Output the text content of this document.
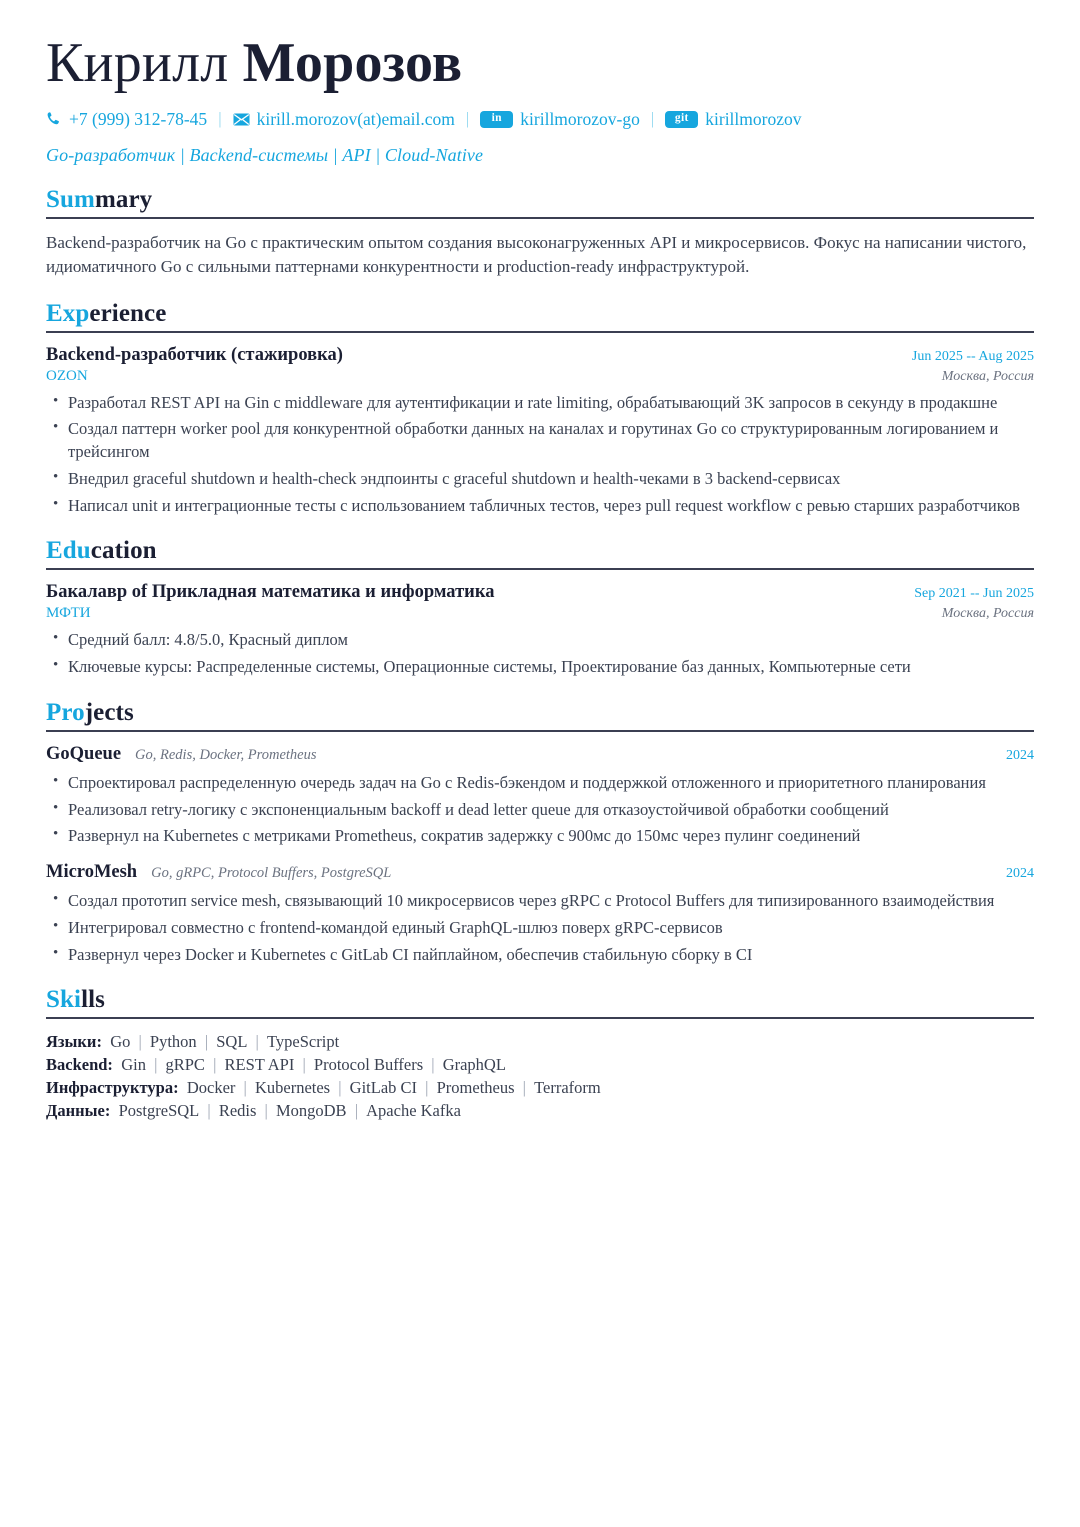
Кирилл Морозов
+7 (999) 312-78-45 |	kirill.morozov(at)email.com |	in	kirillmorozov-go |	git kirillmorozov
Go-разработчик | Backend-системы | API | Cloud-Native
Summary

Backend-разработчик на Go с практическим опытом создания высоконагруженных API и микросервисов. Фокус на написании чистого, идиоматичного Go с сильными паттернами конкурентности и production-ready инфраструктурой.

Experience
Backend-разработчик (стажировка)	Jun 2025 -- Aug 2025
OZON	Москва, Россия
• Разработал REST API на Gin с middleware для аутентификации и rate limiting, обрабатывающий 3K запросов в секунду в продакшне
• Создал паттерн worker pool для конкурентной обработки данных на каналах и горутинах Go со структурированным логированием и трейсингом
• Внедрил graceful shutdown и health-check эндпоинты с graceful shutdown и health-чеками в 3 backend-сервисах
• Написал unit и интеграционные тесты с использованием табличных тестов, через pull request workflow с ревью старших разработчиков
Education
Бакалавр of Прикладная математика и информатика	Sep 2021 -- Jun 2025
МФТИ	Москва, Россия
• Средний балл: 4.8/5.0, Красный диплом
• Ключевые курсы: Распределенные системы, Операционные системы, Проектирование баз данных, Компьютерные сети
Projects
GoQueue Go, Redis, Docker, Prometheus	2024
• Спроектировал распределенную очередь задач на Go с Redis-бэкендом и поддержкой отложенного и приоритетного планирования
• Реализовал retry-логику с экспоненциальным backoff и dead letter queue для отказоустойчивой обработки сообщений
• Развернул на Kubernetes с метриками Prometheus, сократив задержку с 900мс до 150мс через пулинг соединений
MicroMesh Go, gRPC, Protocol Buffers, PostgreSQL	2024
• Создал прототип service mesh, связывающий 10 микросервисов через gRPC с Protocol Buffers для типизированного взаимодействия
• Интегрировал совместно с frontend-командой единый GraphQL-шлюз поверх gRPC-сервисов
• Развернул через Docker и Kubernetes с GitLab CI пайплайном, обеспечив стабильную сборку в CI
Skills
Языки: Go | Python | SQL | TypeScript
Backend: Gin | gRPC | REST API | Protocol Buffers | GraphQL
Инфраструктура: Docker | Kubernetes | GitLab CI | Prometheus | Terraform
Данные: PostgreSQL | Redis | MongoDB | Apache Kafka
